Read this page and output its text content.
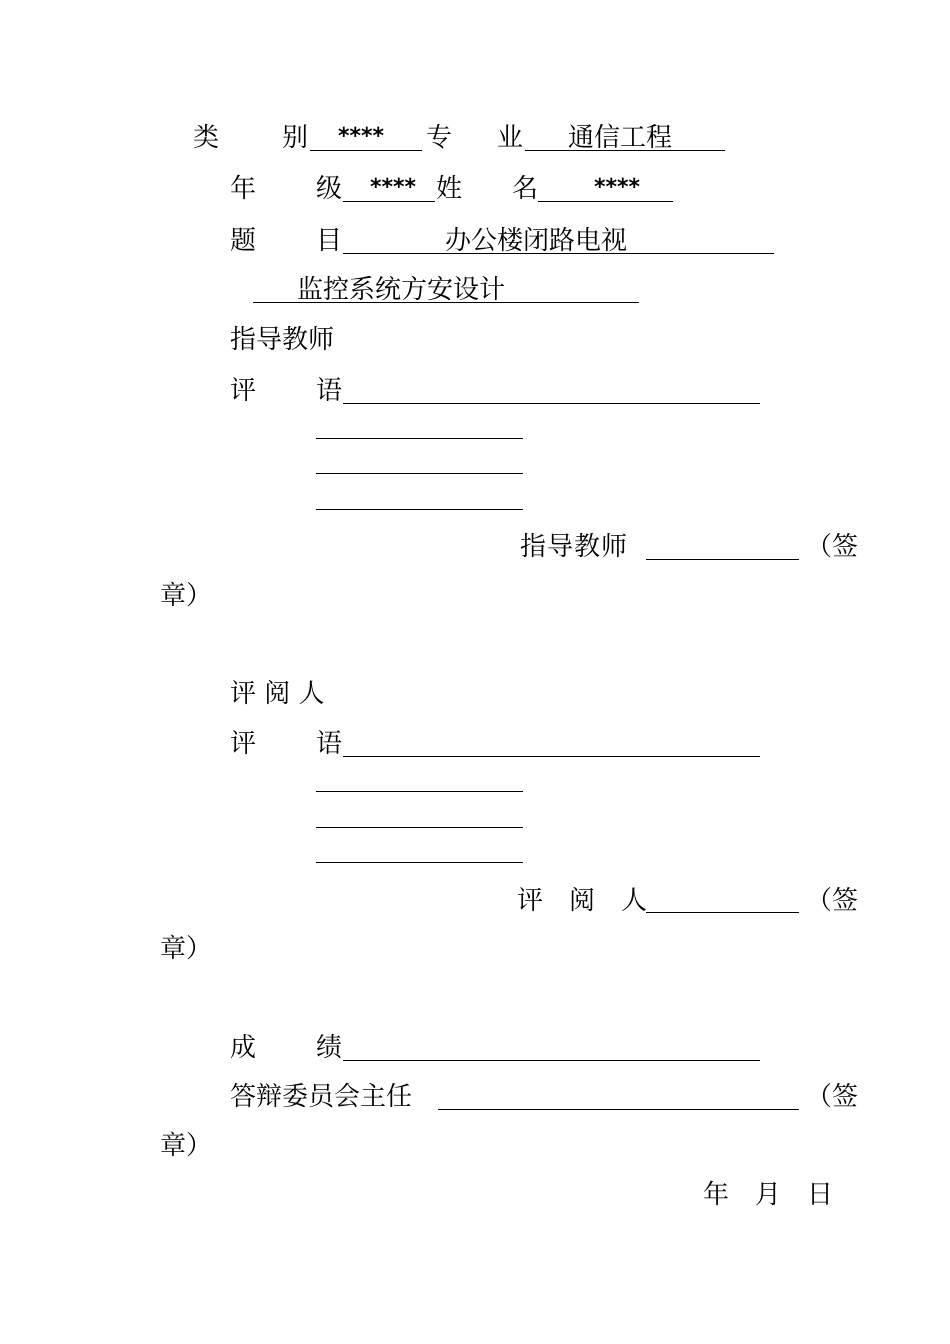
类 别 **** 专 业 通信工程
年 级 **** 姓 名	****
题 目	办公楼闭路电视
监控系统方安设计
指导教师
评 语
指导教师	（签
章）
评 阅 人
评 语
评　阅　人	（签
章）
成 绩
答辩委员会主任	（签
章）
年　月　日
